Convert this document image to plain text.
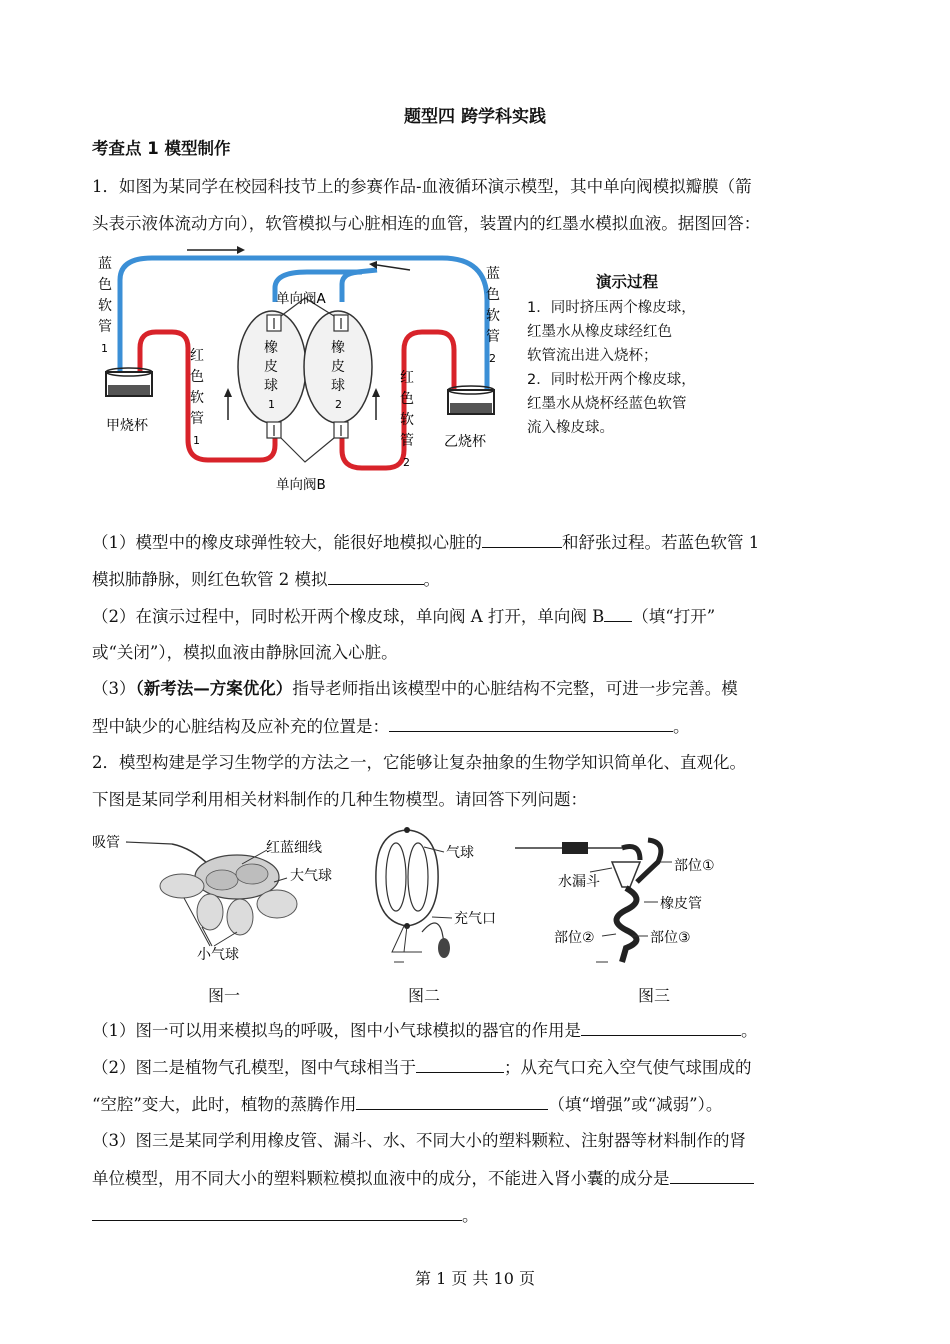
题型四 跨学科实践
考查点 1 模型制作
1．如图为某同学在校园科技节上的参赛作品-血液循环演示模型，其中单向阀模拟瓣膜（箭
头表示液体流动方向），软管模拟与心脏相连的血管，装置内的红墨水模拟血液。据图回答：
蓝色软管 1
蓝色软管 2
红色软管 1
红色软管 2
单向阀A
单向阀B
橡皮球 1
橡皮球 2
甲烧杯
乙烧杯
演示过程
1．同时挤压两个橡皮球，
红墨水从橡皮球经红色
软管流出进入烧杯；
2．同时松开两个橡皮球，
红墨水从烧杯经蓝色软管
流入橡皮球。
（1）模型中的橡皮球弹性较大，能很好地模拟心脏的	和舒张过程。若蓝色软管 1
模拟肺静脉，则红色软管 2 模拟	。
（2）在演示过程中，同时松开两个橡皮球，单向阀 A 打开，单向阀 B （填“打开”
或“关闭”），模拟血液由静脉回流入心脏。
（3）（新考法—方案优化）指导老师指出该模型中的心脏结构不完整，可进一步完善。模
型中缺少的心脏结构及应补充的位置是：	。
2．模型构建是学习生物学的方法之一，它能够让复杂抽象的生物学知识简单化、直观化。
下图是某同学利用相关材料制作的几种生物模型。请回答下列问题：
吸管	红蓝细线
大气球
小气球
气球
充气口
部位①
水漏斗
橡皮管
部位②	部位③
图一	图二	图三
（1）图一可以用来模拟鸟的呼吸，图中小气球模拟的器官的作用是	。
（2）图二是植物气孔模型，图中气球相当于	；从充气口充入空气使气球围成的
“空腔”变大，此时，植物的蒸腾作用	（填“增强”或“减弱”）。
（3）图三是某同学利用橡皮管、漏斗、水、不同大小的塑料颗粒、注射器等材料制作的肾
单位模型，用不同大小的塑料颗粒模拟血液中的成分，不能进入肾小囊的成分是
。
第 1 页 共 10 页
